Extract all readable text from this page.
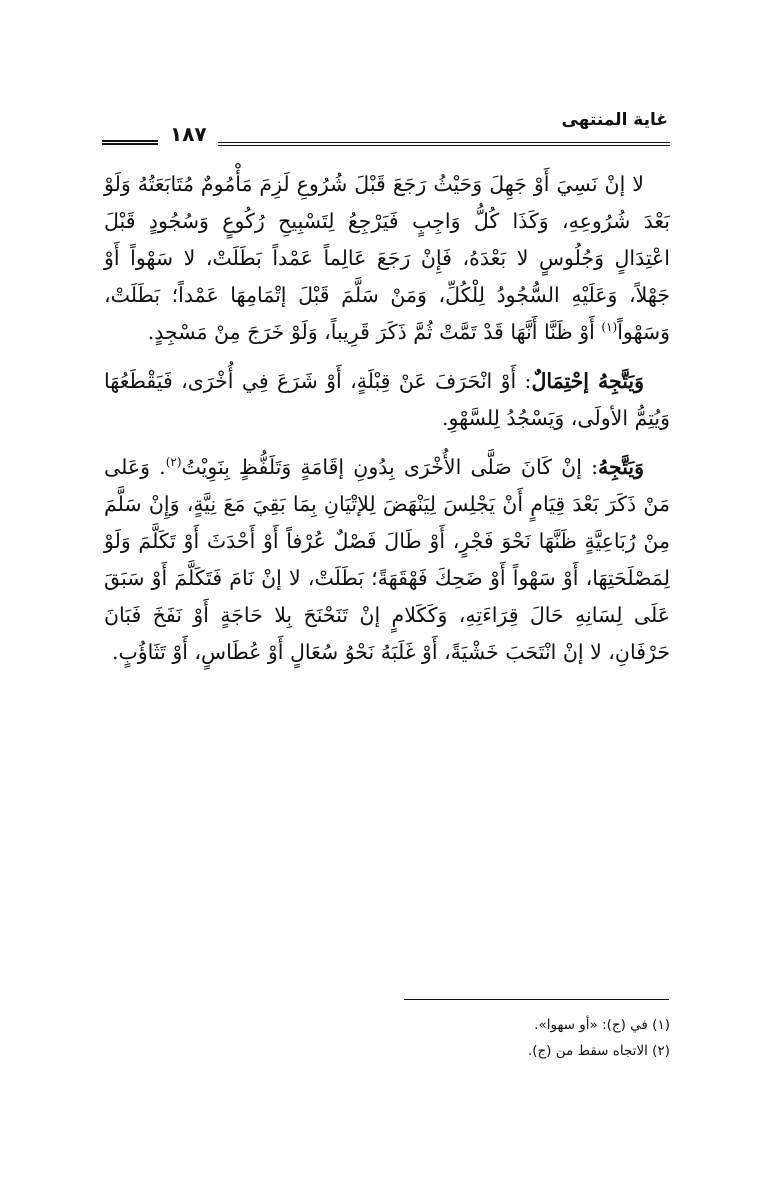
غاية المنتهى
١٨٧

لا إنْ نَسِيَ أَوْ جَهِلَ وَحَيْثُ رَجَعَ قَبْلَ شُرُوعِ لَزِمَ مَأْمُومٌ مُتَابَعَتُهُ وَلَوْ بَعْدَ شُرُوعِهِ، وَكَذَا كُلُّ وَاجِبٍ فَيَرْجِعُ لِتَسْبِيحِ رُكُوعٍ وَسُجُودٍ قَبْلَ اعْتِدَالٍ وَجُلُوسٍ لا بَعْدَهُ، فَإِنْ رَجَعَ عَالِماً عَمْداً بَطَلَتْ، لا سَهْواً أَوْ جَهْلاً، وَعَلَيْهِ السُّجُودُ لِلْكُلِّ، وَمَنْ سَلَّمَ قَبْلَ إتْمَامِهَا عَمْداً؛ بَطَلَتْ، وَسَهْواً$^{(١)}$ أَوْ ظَنَّا أَنَّهَا قَدْ تَمَّتْ ثُمَّ ذَكَرَ قَرِيباً، وَلَوْ خَرَجَ مِنْ مَسْجِدٍ.

وَيَتَّجِهُ إحْتِمَالٌ: أَوْ انْحَرَفَ عَنْ قِبْلَةٍ، أَوْ شَرَعَ فِي أُخْرَى، فَيَقْطَعُهَا وَيُتِمُّ الأولَى، وَيَسْجُدُ لِلسَّهْوِ.

وَيَتَّجِهُ: إنْ كَانَ صَلَّى الأُخْرَى بِدُونِ إقَامَةٍ وَتَلَفُّظٍ بِنَوِيْتُ$^{(٢)}$. وَعَلى مَنْ ذَكَرَ بَعْدَ قِيَامٍ أَنْ يَجْلِسَ لِيَنْهَضَ لِلإتْيَانِ بِمَا بَقِيَ مَعَ نِيَّةٍ، وَإِنْ سَلَّمَ مِنْ رُبَاعِيَّةٍ ظَنَّهَا نَحْوَ فَجْرٍ، أَوْ طَالَ فَصْلٌ عُرْفاً أَوْ أَحْدَثَ أَوْ تَكَلَّمَ وَلَوْ لِمَصْلَحَتِهَا، أَوْ سَهْواً أَوْ ضَحِكَ فَهْقَهَةً؛ بَطَلَتْ، لا إنْ نَامَ فَتَكَلَّمَ أَوْ سَبَقَ عَلَى لِسَانِهِ حَالَ قِرَاءَتِهِ، وَكَكَلامٍ إنْ تَنَحْنَحَ بِلا حَاجَةٍ أَوْ نَفَخَ فَبَانَ حَرْفَانِ، لا إنْ انْتَحَبَ خَشْيَةً، أَوْ غَلَبَهُ نَحْوُ سُعَالٍ أَوْ عُطَاسٍ، أَوْ تَثَاؤُبٍ.

(١) في (ج): «أو سهوا».

(٢) الاتجاه سقط من (ج).
